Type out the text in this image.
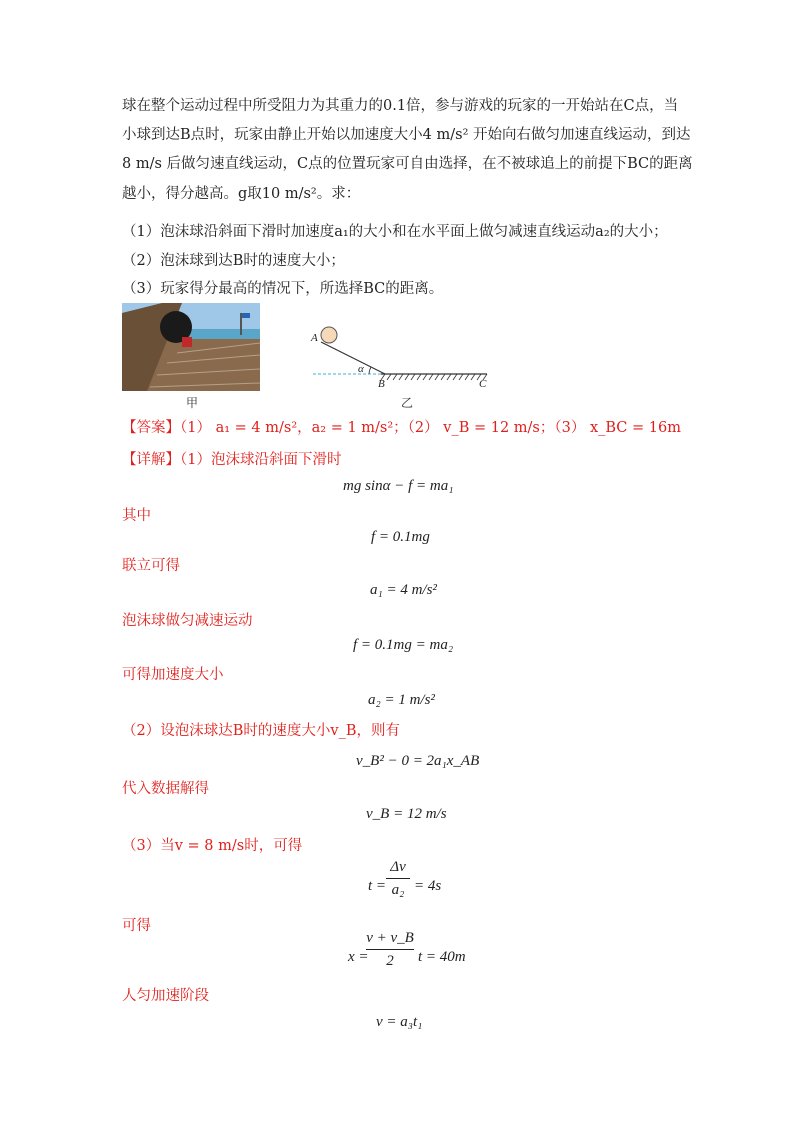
球在整个运动过程中所受阻力为其重力的0.1倍，参与游戏的玩家的一开始站在C点，当
小球到达B点时，玩家由静止开始以加速度大小4 m/s² 开始向右做匀加速直线运动，到达
8 m/s 后做匀速直线运动，C点的位置玩家可自由选择，在不被球追上的前提下BC的距离
越小，得分越高。g取10 m/s²。求：
（1）泡沫球沿斜面下滑时加速度a₁的大小和在水平面上做匀减速直线运动a₂的大小；
（2）泡沫球到达B时的速度大小；
（3）玩家得分最高的情况下，所选择BC的距离。
甲
A
α
B	C
乙
【答案】（1） a₁ = 4 m/s²，a₂ = 1 m/s²；（2） v_B = 12 m/s；（3） x_BC = 16m
【详解】（1）泡沫球沿斜面下滑时
mg sinα − f = ma₁
其中
f = 0.1mg
联立可得
a₁ = 4 m/s²
泡沫球做匀减速运动
f = 0.1mg = ma₂
可得加速度大小
a₂ = 1 m/s²
（2）设泡沫球达B时的速度大小v_B，则有
v_B² − 0 = 2a₁x_AB
代入数据解得
v_B = 12 m/s
（3）当v = 8 m/s时，可得
t =
Δv
a₂ = 4s
可得
x =
v + v_B
2	t = 40m
人匀加速阶段
v = a₃t₁
